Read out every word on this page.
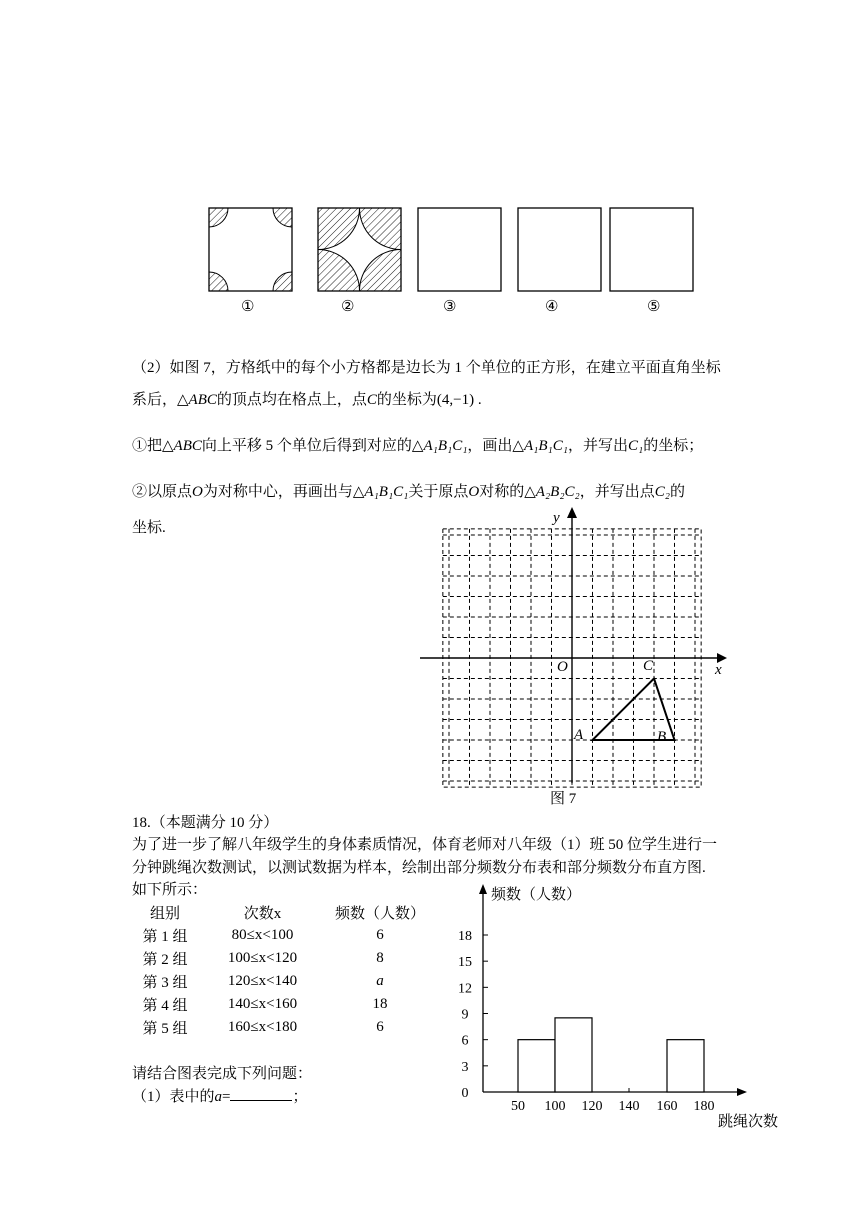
①	②	③	④	⑤
（2）如图 7，方格纸中的每个小方格都是边长为 1 个单位的正方形，在建立平面直角坐标
系后，△ABC的顶点均在格点上，点C的坐标为(4,−1) .
①把△ABC向上平移 5 个单位后得到对应的△A₁B₁C₁，画出△A₁B₁C₁，并写出C₁的坐标；
②以原点O为对称中心，再画出与△A₁B₁C₁关于原点O对称的△A₂B₂C₂，并写出点C₂的
坐标.
y
x
O
A	B
C
图 7
18.（本题满分 10 分）
为了进一步了解八年级学生的身体素质情况，体育老师对八年级（1）班 50 位学生进行一
分钟跳绳次数测试，以测试数据为样本，绘制出部分频数分布表和部分频数分布直方图.
如下所示：
组别	次数x	频数（人数）
第 1 组	80≤x<100	6
第 2 组	100≤x<120	8
第 3 组	120≤x<140	a
第 4 组	140≤x<160	18
第 5 组	160≤x<180	6
请结合图表完成下列问题：
（1）表中的a=	；	0
3
6
9
12
15
18
50 100 120 140 160 180
频数（人数）
跳绳次数
